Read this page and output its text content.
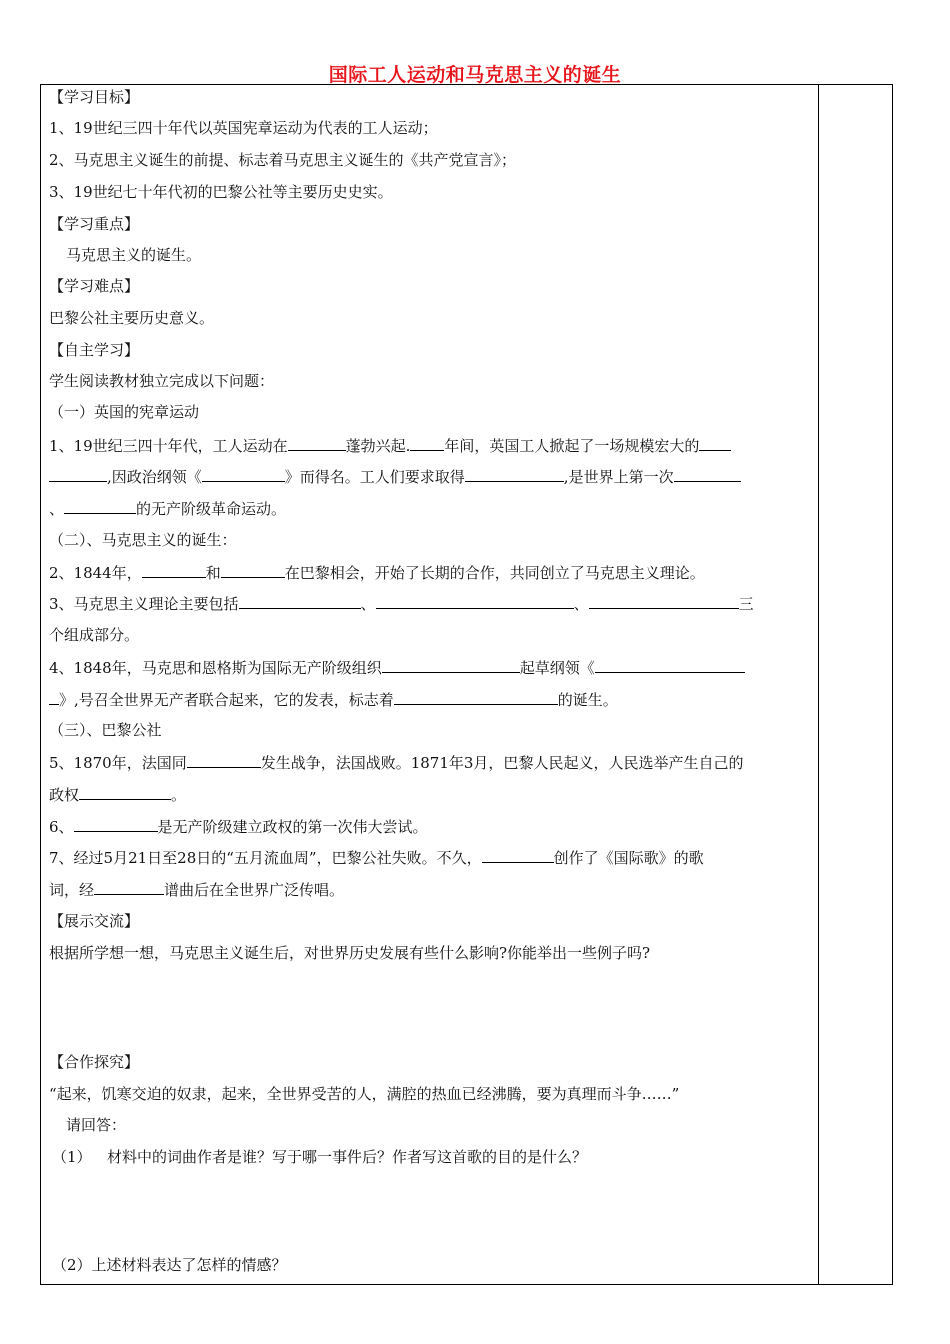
国际工人运动和马克思主义的诞生
【学习目标】
1、19世纪三四十年代以英国宪章运动为代表的工人运动；
2、马克思主义诞生的前提、标志着马克思主义诞生的《共产党宣言》；
3、19世纪七十年代初的巴黎公社等主要历史史实。
【学习重点】
马克思主义的诞生。
【学习难点】
巴黎公社主要历史意义。
【自主学习】
学生阅读教材独立完成以下问题：
（一）英国的宪章运动
1、19世纪三四十年代，工人运动在	蓬勃兴起. 年间，英国工人掀起了一场规模宏大的
,因政治纲领《	》而得名。工人们要求取得	,是世界上第一次
、	的无产阶级革命运动。
（二）、马克思主义的诞生：
2、1844年，	和	在巴黎相会，开始了长期的合作，共同创立了马克思主义理论。
3、马克思主义理论主要包括	、	、	三
个组成部分。
4、1848年，马克思和恩格斯为国际无产阶级组织	起草纲领《
》,号召全世界无产者联合起来，它的发表，标志着	的诞生。
（三）、巴黎公社
5、1870年，法国同	发生战争，法国战败。1871年3月，巴黎人民起义，人民选举产生自己的
政权	。
6、	是无产阶级建立政权的第一次伟大尝试。
7、经过5月21日至28日的“五月流血周”，巴黎公社失败。不久，	创作了《国际歌》的歌
词，经	谱曲后在全世界广泛传唱。
【展示交流】
根据所学想一想，马克思主义诞生后，对世界历史发展有些什么影响?你能举出一些例子吗?
【合作探究】
“起来，饥寒交迫的奴隶，起来，全世界受苦的人，满腔的热血已经沸腾，要为真理而斗争……”
请回答：
（1） 材料中的词曲作者是谁？写于哪一事件后？作者写这首歌的目的是什么？
（2）上述材料表达了怎样的情感？
